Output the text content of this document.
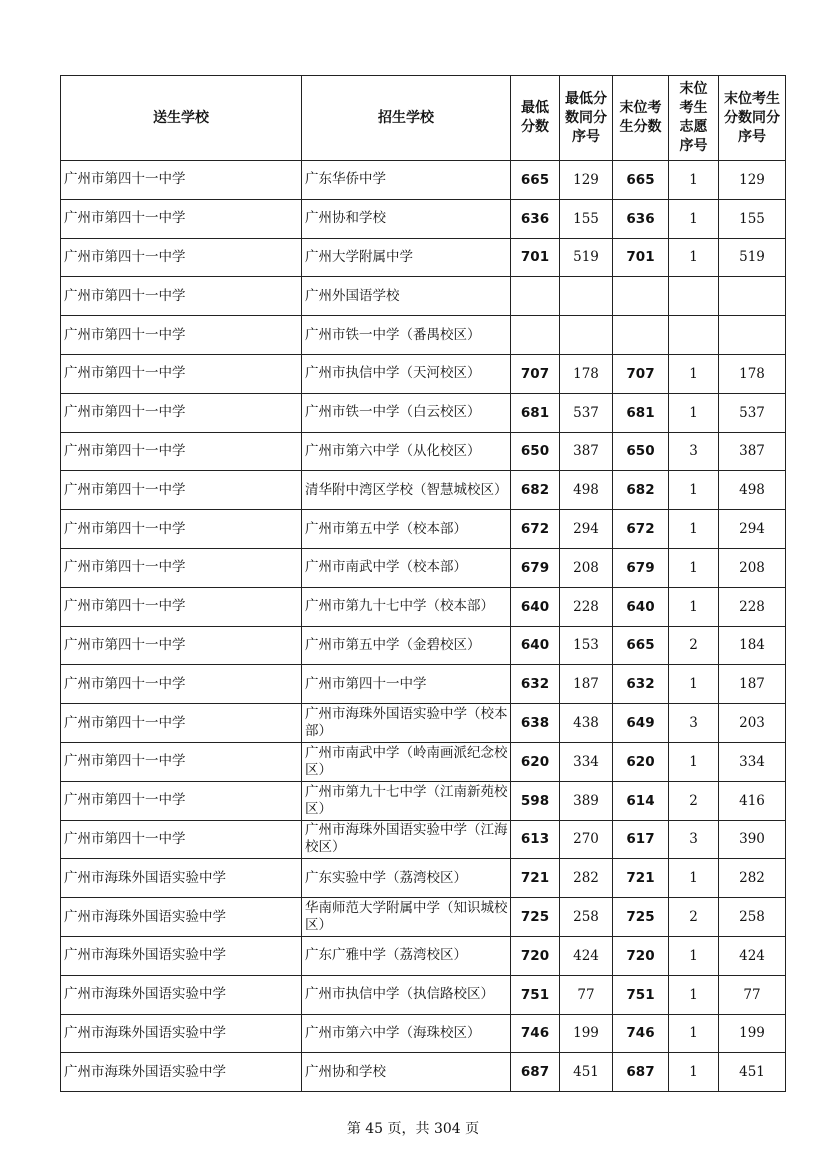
送生学校	招生学校	最低分数	最低分数同分序号	末位考生分数	末位考生志愿序号	末位考生分数同分序号

广州市第四十一中学	广东华侨中学	665	129	665	1	129
广州市第四十一中学	广州协和学校	636	155	636	1	155
广州市第四十一中学	广州大学附属中学	701	519	701	1	519
广州市第四十一中学	广州外国语学校					
广州市第四十一中学	广州市铁一中学（番禺校区）					
广州市第四十一中学	广州市执信中学（天河校区）	707	178	707	1	178
广州市第四十一中学	广州市铁一中学（白云校区）	681	537	681	1	537
广州市第四十一中学	广州市第六中学（从化校区）	650	387	650	3	387
广州市第四十一中学	清华附中湾区学校（智慧城校区）	682	498	682	1	498
广州市第四十一中学	广州市第五中学（校本部）	672	294	672	1	294
广州市第四十一中学	广州市南武中学（校本部）	679	208	679	1	208
广州市第四十一中学	广州市第九十七中学（校本部）	640	228	640	1	228
广州市第四十一中学	广州市第五中学（金碧校区）	640	153	665	2	184
广州市第四十一中学	广州市第四十一中学	632	187	632	1	187
广州市第四十一中学	广州市海珠外国语实验中学（校本部）	638	438	649	3	203
广州市第四十一中学	广州市南武中学（岭南画派纪念校区）	620	334	620	1	334
广州市第四十一中学	广州市第九十七中学（江南新苑校区）	598	389	614	2	416
广州市第四十一中学	广州市海珠外国语实验中学（江海校区）	613	270	617	3	390
广州市海珠外国语实验中学	广东实验中学（荔湾校区）	721	282	721	1	282
广州市海珠外国语实验中学	华南师范大学附属中学（知识城校区）	725	258	725	2	258
广州市海珠外国语实验中学	广东广雅中学（荔湾校区）	720	424	720	1	424
广州市海珠外国语实验中学	广州市执信中学（执信路校区）	751	77	751	1	77
广州市海珠外国语实验中学	广州市第六中学（海珠校区）	746	199	746	1	199
广州市海珠外国语实验中学	广州协和学校	687	451	687	1	451
第 45 页，共 304 页
